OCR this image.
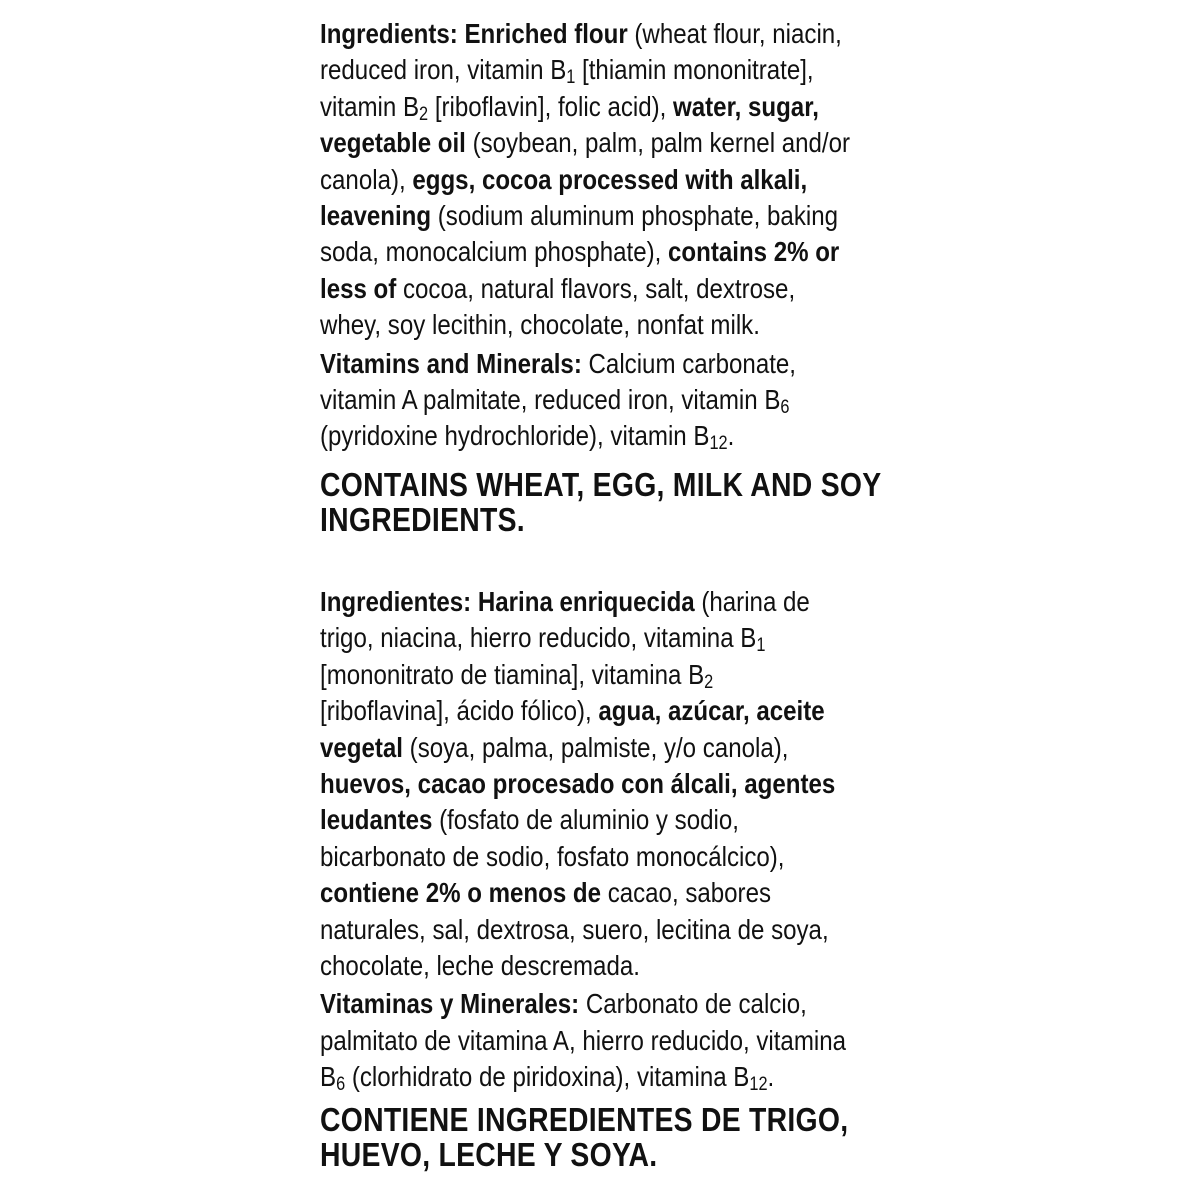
Ingredients: Enriched flour (wheat flour, niacin,
reduced iron, vitamin $B_1$ [thiamin mononitrate],
vitamin $B_2$ [riboflavin], folic acid), water, sugar,
vegetable oil (soybean, palm, palm kernel and/or
canola), eggs, cocoa processed with alkali,
leavening (sodium aluminum phosphate, baking
soda, monocalcium phosphate), contains 2% or
less of cocoa, natural flavors, salt, dextrose,
whey, soy lecithin, chocolate, nonfat milk.

Vitamins and Minerals: Calcium carbonate,
vitamin A palmitate, reduced iron, vitamin $B_6$
(pyridoxine hydrochloride), vitamin $B_{12}$.

CONTAINS WHEAT, EGG, MILK AND SOY
INGREDIENTS.

Ingredientes: Harina enriquecida (harina de
trigo, niacina, hierro reducido, vitamina $B_1$
[mononitrato de tiamina], vitamina $B_2$
[riboflavina], ácido fólico), agua, azúcar, aceite
vegetal (soya, palma, palmiste, y/o canola),
huevos, cacao procesado con álcali, agentes
leudantes (fosfato de aluminio y sodio,
bicarbonato de sodio, fosfato monocálcico),
contiene 2% o menos de cacao, sabores
naturales, sal, dextrosa, suero, lecitina de soya,
chocolate, leche descremada.

Vitaminas y Minerales: Carbonato de calcio,
palmitato de vitamina A, hierro reducido, vitamina
$B_6$ (clorhidrato de piridoxina), vitamina $B_{12}$.

CONTIENE INGREDIENTES DE TRIGO,
HUEVO, LECHE Y SOYA.
